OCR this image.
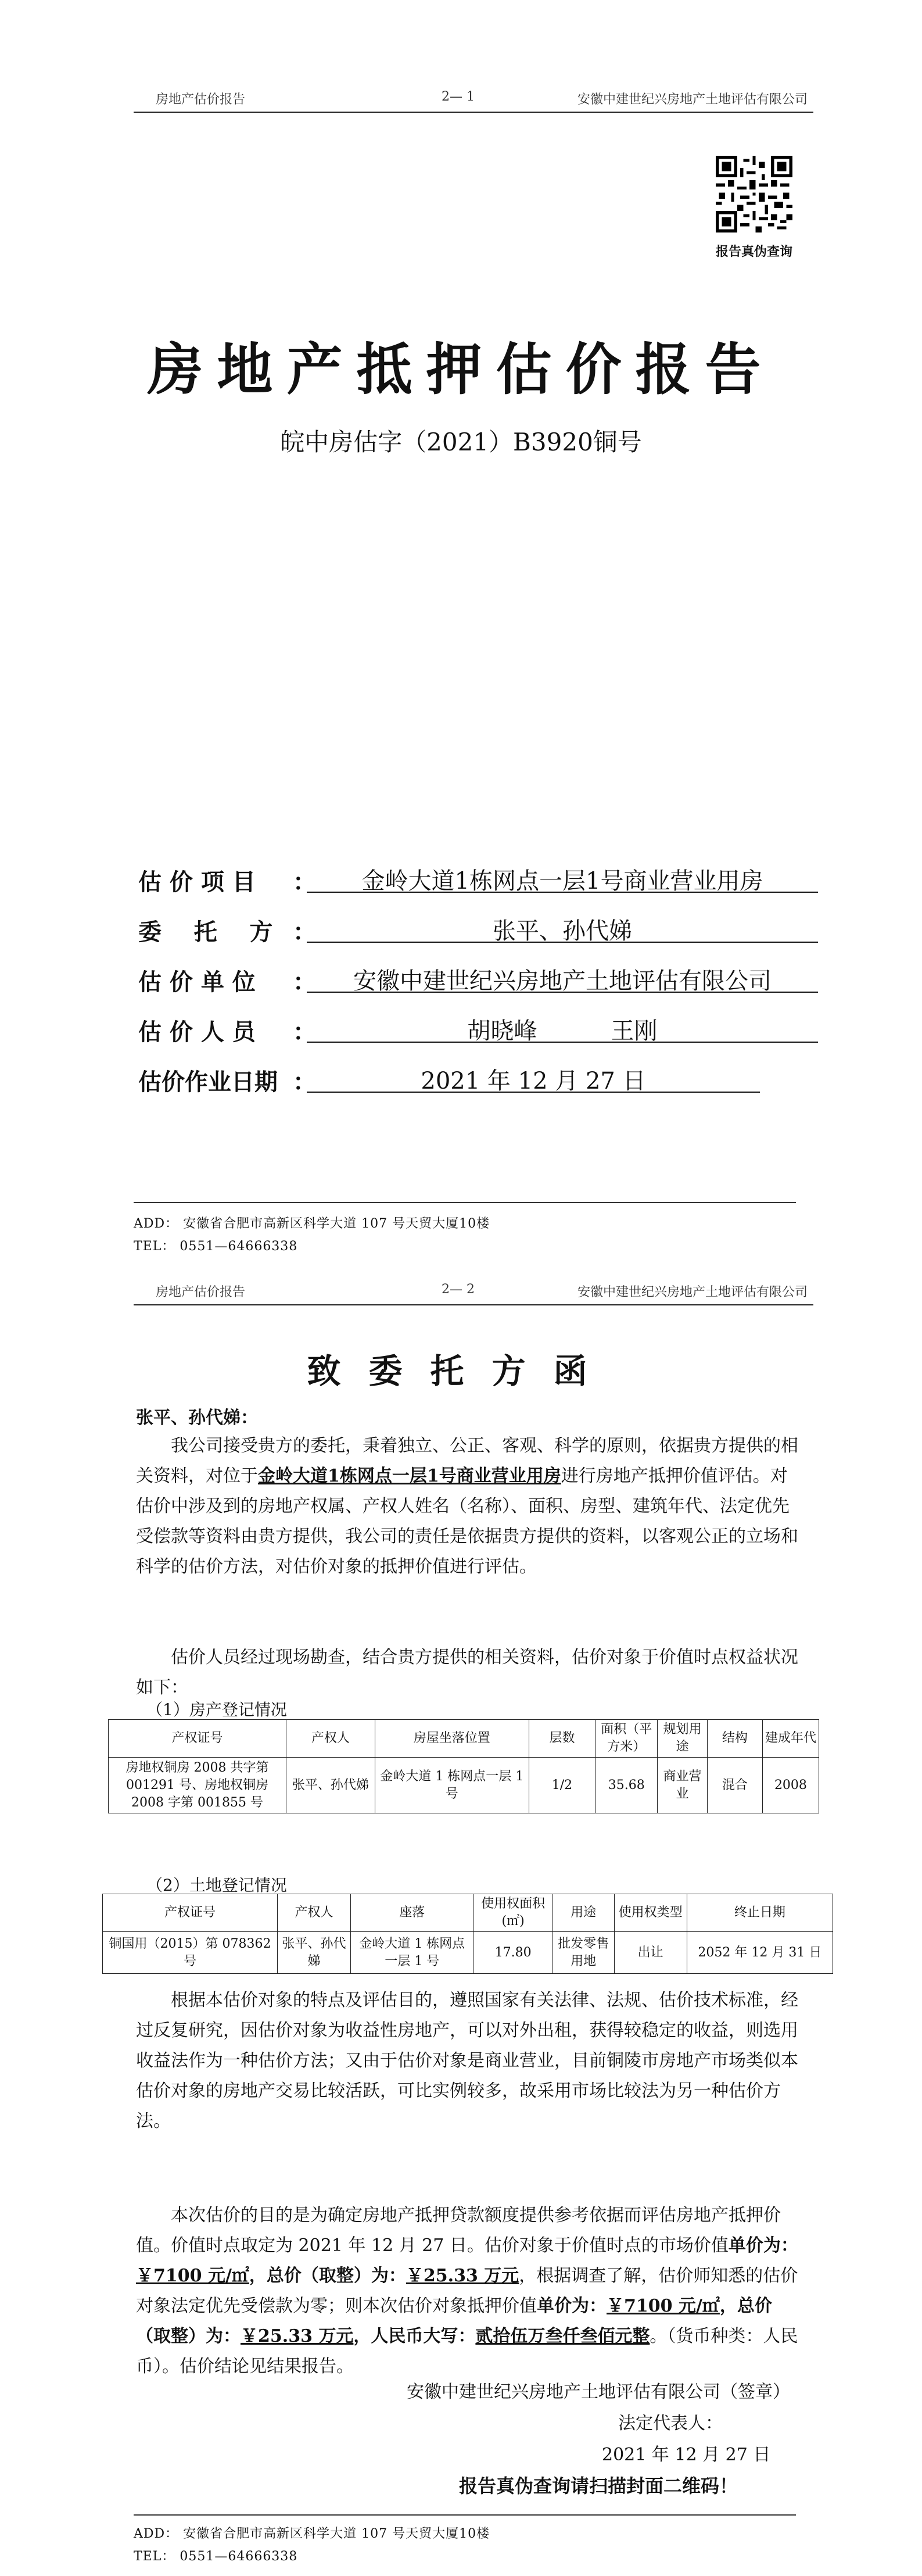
房地产估价报告	2— 1	安徽中建世纪兴房地产土地评估有限公司
报告真伪查询
房地产抵押估价报告
皖中房估字（2021）B3920铜号
估 价 项 目 ：	金岭大道1栋网点一层1号商业营业用房
委    托    方 ：	张平、孙代娣
估 价 单 位 ：	安徽中建世纪兴房地产土地评估有限公司
估 价 人 员 ：	胡晓峰          王刚
估价作业日期 ：	2021 年 12 月 27 日
ADD： 安徽省合肥市高新区科学大道 107 号天贸大厦10楼
TEL： 0551—64666338
房地产估价报告	2— 2	安徽中建世纪兴房地产土地评估有限公司
致委托方函
张平、孙代娣：

我公司接受贵方的委托，秉着独立、公正、客观、科学的原则，依据贵方提供的相关资料，对位于金岭大道1栋网点一层1号商业营业用房进行房地产抵押价值评估。对估价中涉及到的房地产权属、产权人姓名（名称）、面积、房型、建筑年代、法定优先受偿款等资料由贵方提供，我公司的责任是依据贵方提供的资料，以客观公正的立场和科学的估价方法，对估价对象的抵押价值进行评估。

估价人员经过现场勘查，结合贵方提供的相关资料，估价对象于价值时点权益状况如下：

（1）房产登记情况
产权证号	产权人	房屋坐落位置	层数	面积（平方米）	规划用途	结构	建成年代
房地权铜房 2008 共字第 001291 号、房地权铜房 2008 字第 001855 号	张平、孙代娣	金岭大道 1 栋网点一层 1 号	1/2	35.68	商业营业	混合	2008
（2）土地登记情况
产权证号	产权人	座落	使用权面积(㎡)	用途	使用权类型	终止日期
铜国用（2015）第 078362 号	张平、孙代娣	金岭大道 1 栋网点一层 1 号	17.80	批发零售用地	出让	2052 年 12 月 31 日

根据本估价对象的特点及评估目的，遵照国家有关法律、法规、估价技术标准，经过反复研究，因估价对象为收益性房地产，可以对外出租，获得较稳定的收益，则选用收益法作为一种估价方法；又由于估价对象是商业营业，目前铜陵市房地产市场类似本估价对象的房地产交易比较活跃，可比实例较多，故采用市场比较法为另一种估价方法。

本次估价的目的是为确定房地产抵押贷款额度提供参考依据而评估房地产抵押价值。价值时点取定为 2021 年 12 月 27 日。估价对象于价值时点的市场价值单价为：￥7100 元/㎡，总价（取整）为：￥25.33 万元，根据调查了解，估价师知悉的估价对象法定优先受偿款为零；则本次估价对象抵押价值单价为：￥7100 元/㎡，总价（取整）为：￥25.33 万元，人民币大写：贰拾伍万叁仟叁佰元整。（货币种类：人民币）。估价结论见结果报告。

安徽中建世纪兴房地产土地评估有限公司（签章）
法定代表人：
2021 年 12 月 27 日
报告真伪查询请扫描封面二维码！
ADD： 安徽省合肥市高新区科学大道 107 号天贸大厦10楼
TEL： 0551—64666338
